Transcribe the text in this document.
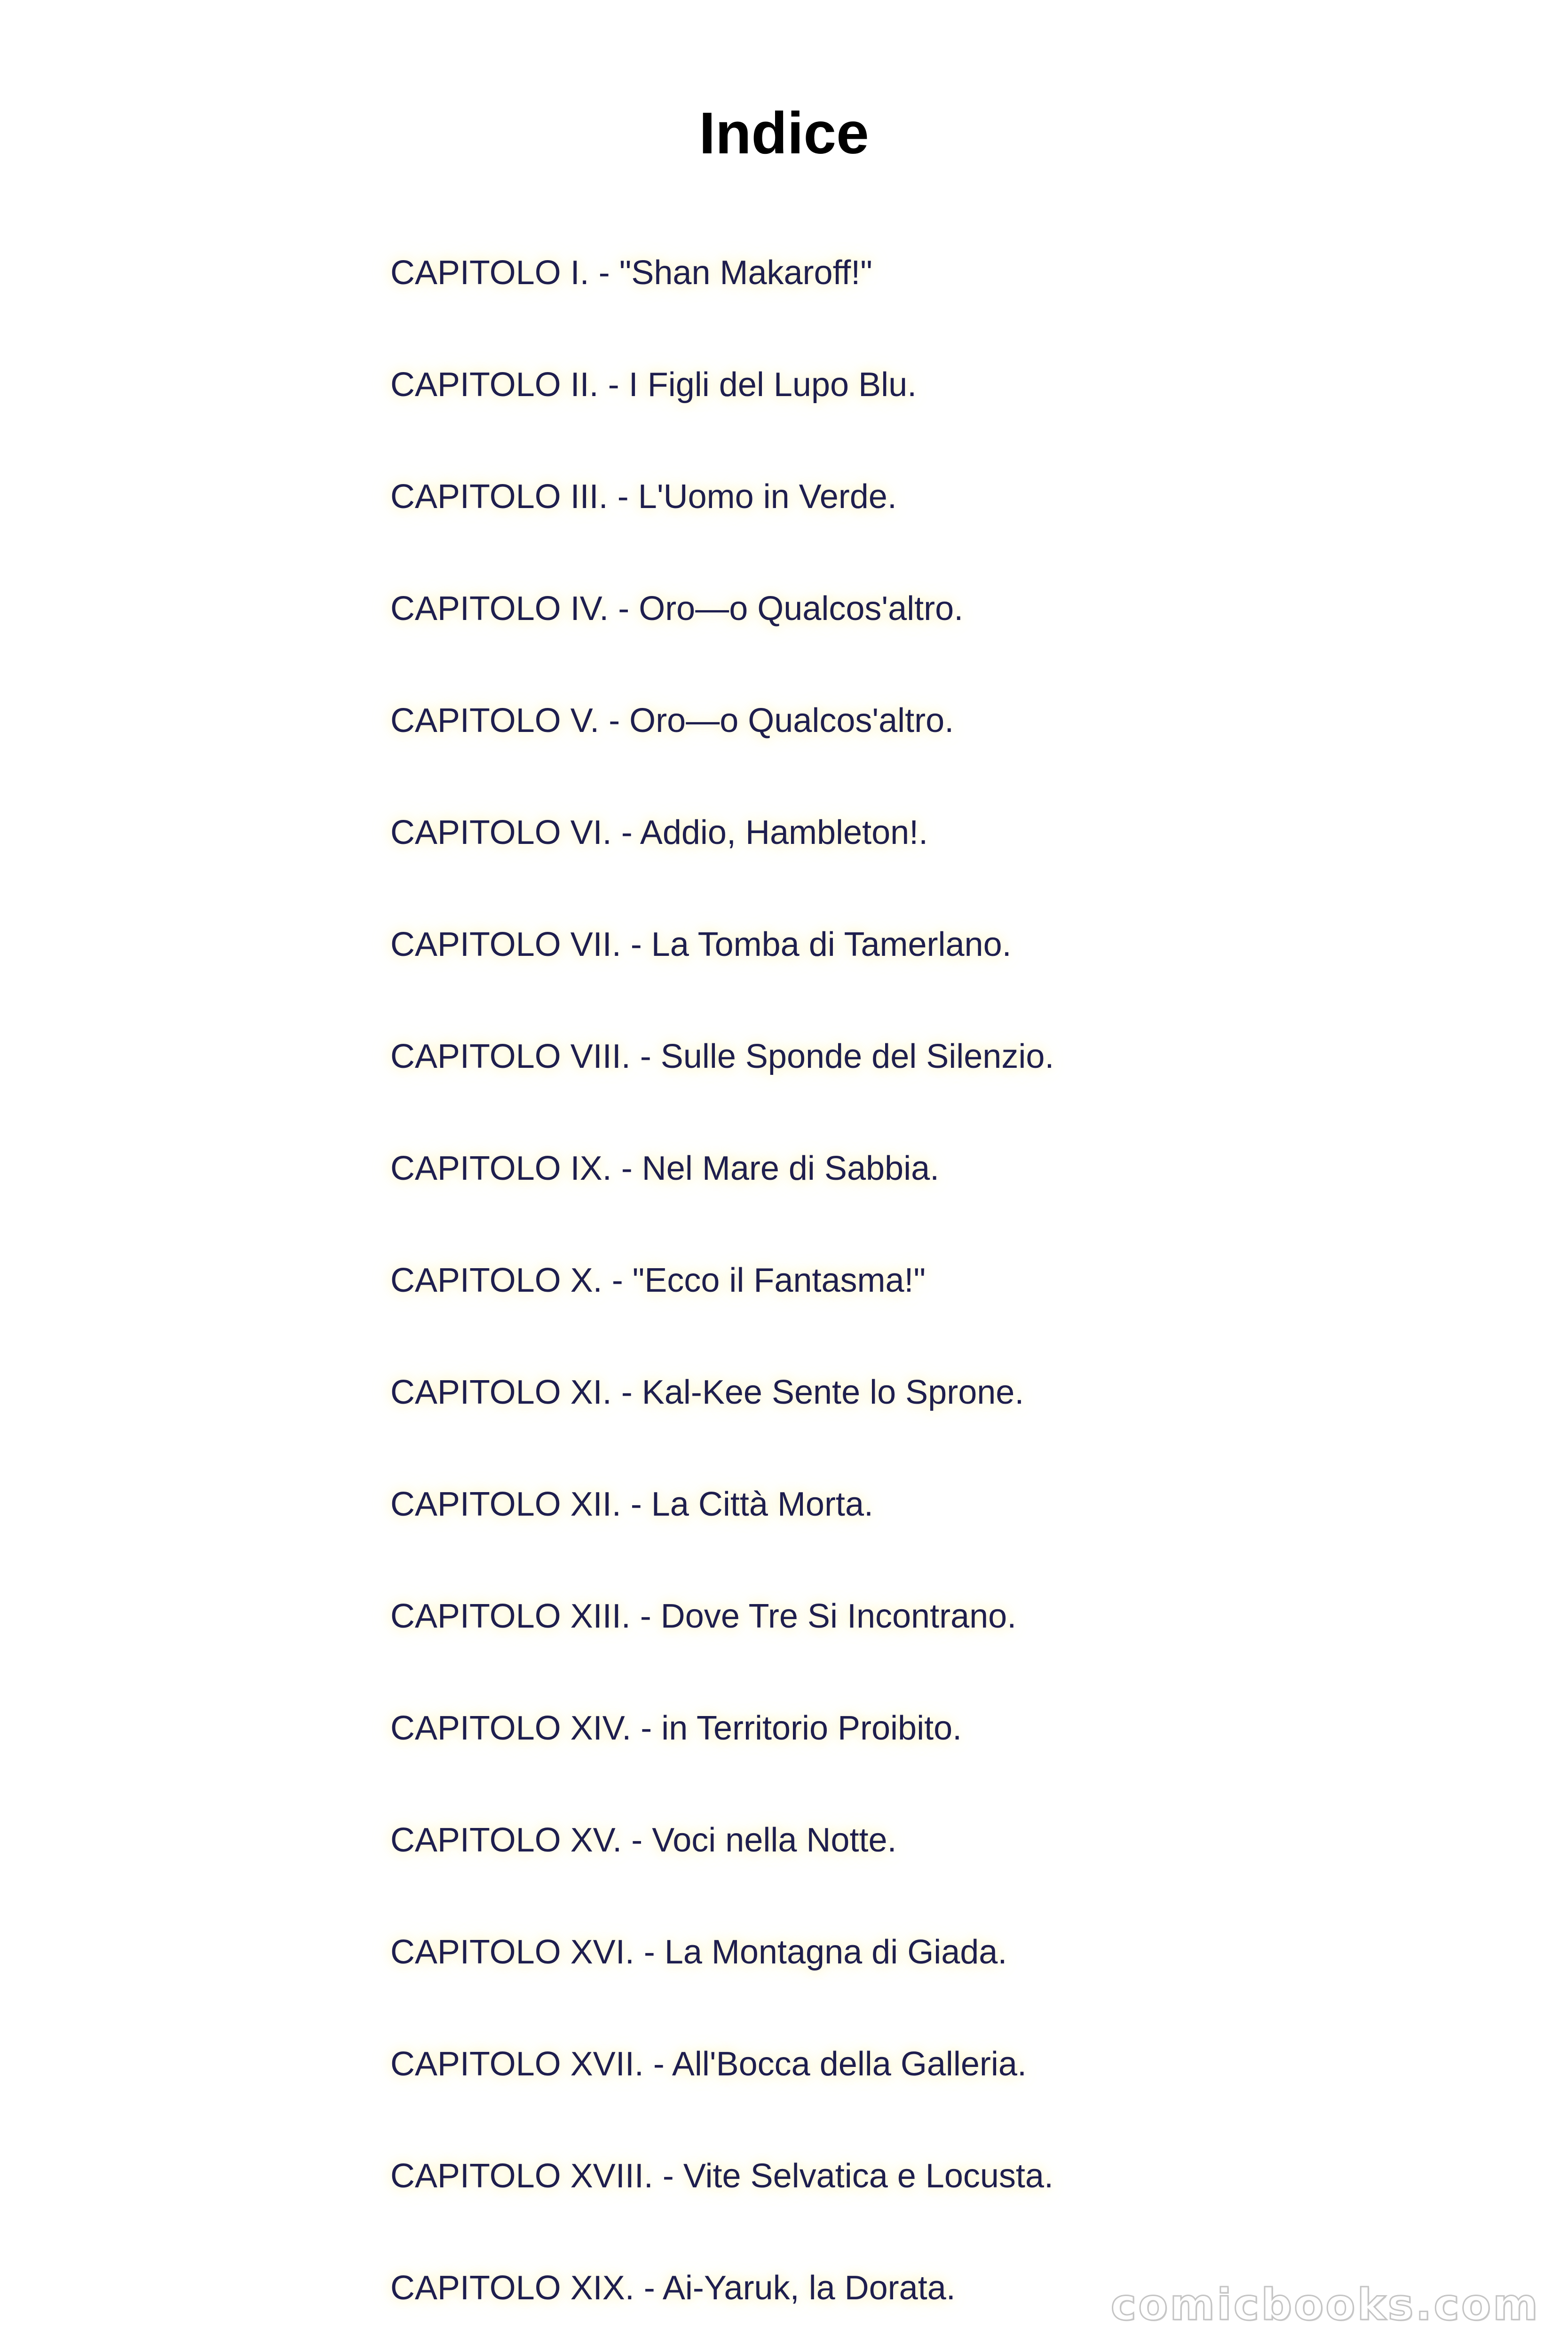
Indice
CAPITOLO I. - "Shan Makaroff!"
CAPITOLO II. - I Figli del Lupo Blu.
CAPITOLO III. - L'Uomo in Verde.
CAPITOLO IV. - Oro—o Qualcos'altro.
CAPITOLO V. - Oro—o Qualcos'altro.
CAPITOLO VI. - Addio, Hambleton!.
CAPITOLO VII. - La Tomba di Tamerlano.
CAPITOLO VIII. - Sulle Sponde del Silenzio.
CAPITOLO IX. - Nel Mare di Sabbia.
CAPITOLO X. - "Ecco il Fantasma!"
CAPITOLO XI. - Kal-Kee Sente lo Sprone.
CAPITOLO XII. - La Città Morta.
CAPITOLO XIII. - Dove Tre Si Incontrano.
CAPITOLO XIV. - in Territorio Proibito.
CAPITOLO XV. - Voci nella Notte.
CAPITOLO XVI. - La Montagna di Giada.
CAPITOLO XVII. - All'Bocca della Galleria.
CAPITOLO XVIII. - Vite Selvatica e Locusta.
CAPITOLO XIX. - Ai-Yaruk, la Dorata.	comicbooks.com
